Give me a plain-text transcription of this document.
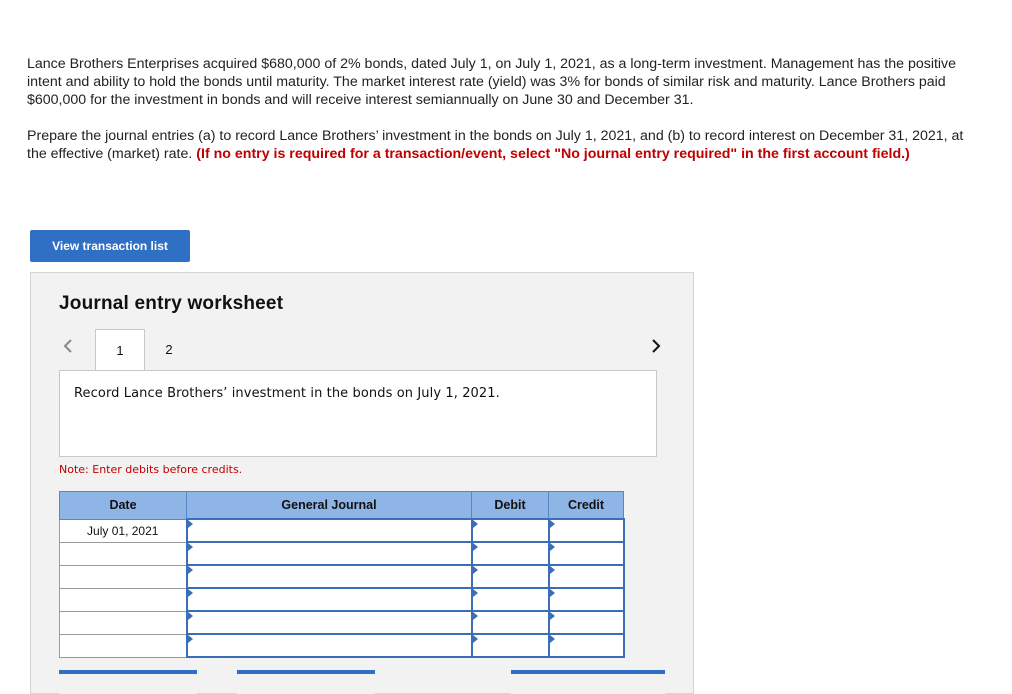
Lance Brothers Enterprises acquired $680,000 of 2% bonds, dated July 1, on July 1, 2021, as a long-term investment. Management has the positive intent and ability to hold the bonds until maturity. The market interest rate (yield) was 3% for bonds of similar risk and maturity. Lance Brothers paid $600,000 for the investment in bonds and will receive interest semiannually on June 30 and December 31.

Prepare the journal entries (a) to record Lance Brothers’ investment in the bonds on July 1, 2021, and (b) to record interest on December 31, 2021, at the effective (market) rate. (If no entry is required for a transaction/event, select "No journal entry required" in the first account field.)

View transaction list
Journal entry worksheet
1	2
Record Lance Brothers’ investment in the bonds on July 1, 2021.
Note: Enter debits before credits.
Date	General Journal	Debit	Credit
July 01, 2021			
